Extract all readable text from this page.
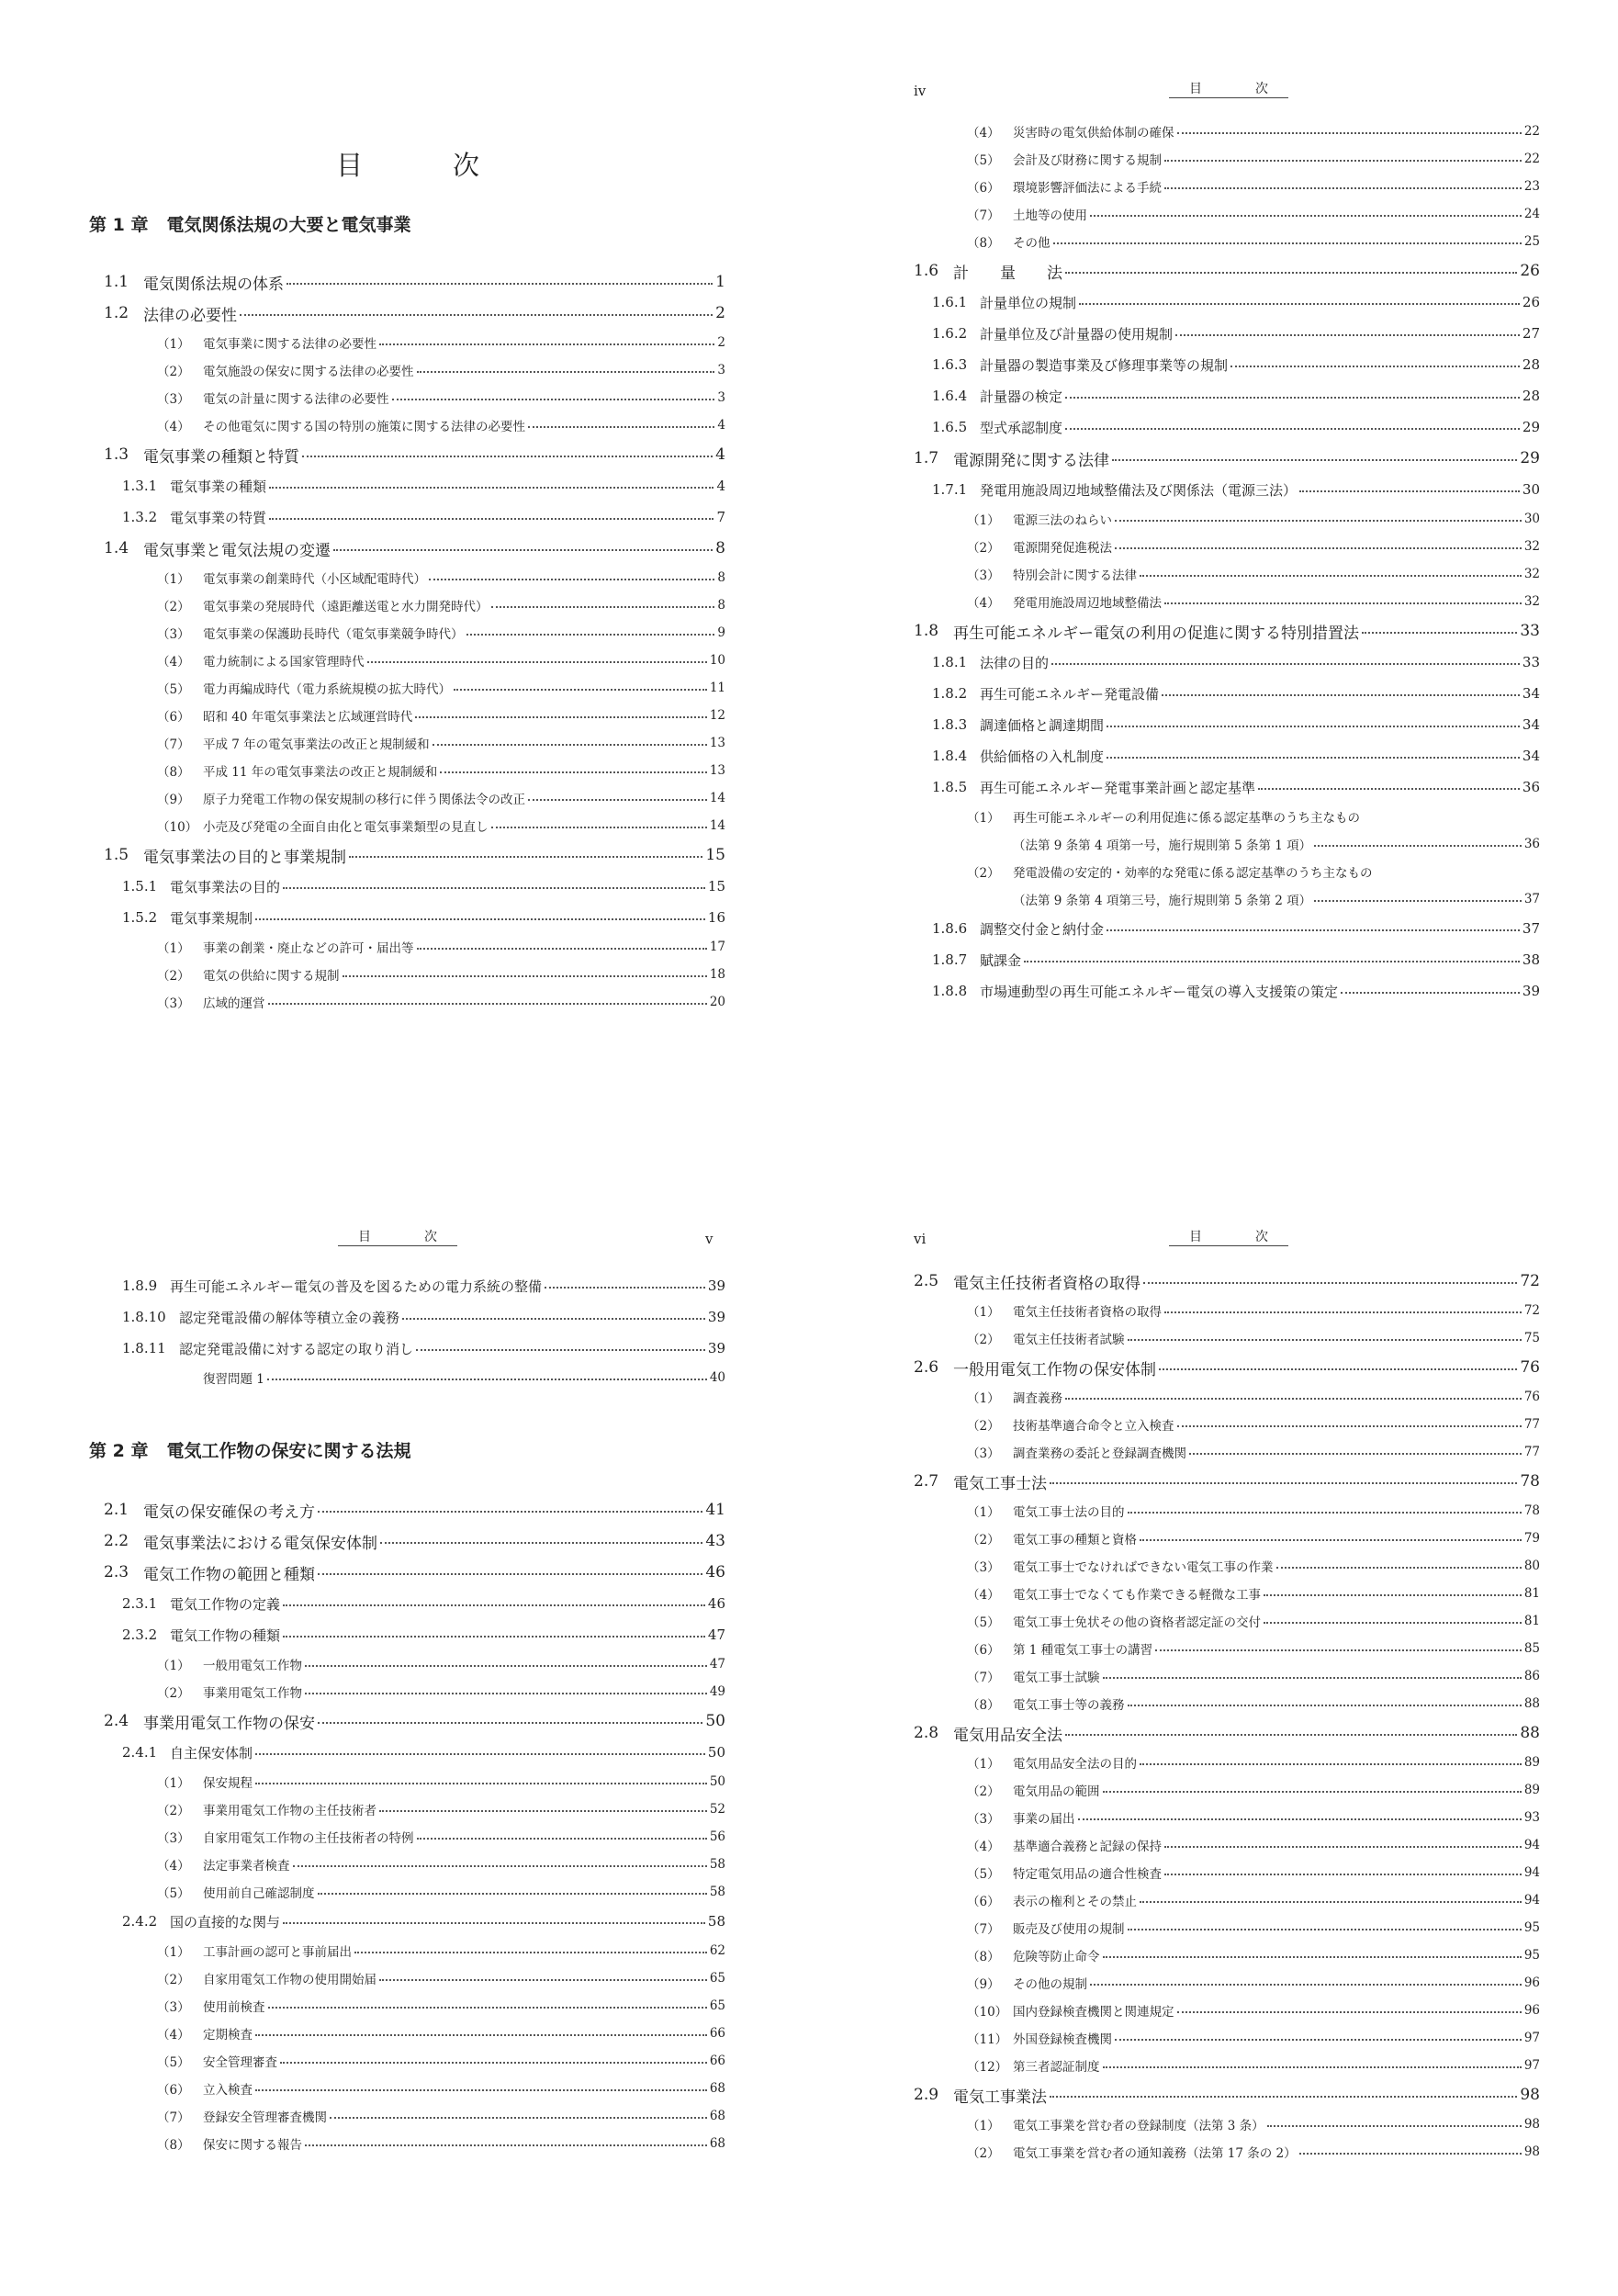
目	次
第 1 章 電気関係法規の大要と電気事業
1.1 電気関係法規の体系	1
1.2 法律の必要性	2
（1） 電気事業に関する法律の必要性	2
（2） 電気施設の保安に関する法律の必要性	3
（3） 電気の計量に関する法律の必要性	3
（4） その他電気に関する国の特別の施策に関する法律の必要性	4
1.3 電気事業の種類と特質	4
1.3.1 電気事業の種類	4
1.3.2 電気事業の特質	7
1.4 電気事業と電気法規の変遷	8
（1） 電気事業の創業時代（小区域配電時代）	8
（2） 電気事業の発展時代（遠距離送電と水力開発時代）	8
（3） 電気事業の保護助長時代（電気事業競争時代）	9
（4） 電力統制による国家管理時代	10
（5） 電力再編成時代（電力系統規模の拡大時代）	11
（6） 昭和 40 年電気事業法と広域運営時代	12
（7） 平成 7 年の電気事業法の改正と規制緩和	13
（8） 平成 11 年の電気事業法の改正と規制緩和	13
（9） 原子力発電工作物の保安規制の移行に伴う関係法令の改正	14
（10） 小売及び発電の全面自由化と電気事業類型の見直し	14
1.5 電気事業法の目的と事業規制	15
1.5.1 電気事業法の目的	15
1.5.2 電気事業規制	16
（1） 事業の創業・廃止などの許可・届出等	17
（2） 電気の供給に関する規制	18
（3） 広域的運営	20
iv	目	次
（4） 災害時の電気供給体制の確保	22
（5） 会計及び財務に関する規制	22
（6） 環境影響評価法による手続	23
（7） 土地等の使用	24
（8） その他	25
1.6 計　　量　　法	26
1.6.1 計量単位の規制	26
1.6.2 計量単位及び計量器の使用規制	27
1.6.3 計量器の製造事業及び修理事業等の規制	28
1.6.4 計量器の検定	28
1.6.5 型式承認制度	29
1.7 電源開発に関する法律	29
1.7.1 発電用施設周辺地域整備法及び関係法（電源三法）	30
（1） 電源三法のねらい	30
（2） 電源開発促進税法	32
（3） 特別会計に関する法律	32
（4） 発電用施設周辺地域整備法	32
1.8 再生可能エネルギー電気の利用の促進に関する特別措置法	33
1.8.1 法律の目的	33
1.8.2 再生可能エネルギー発電設備	34
1.8.3 調達価格と調達期間	34
1.8.4 供給価格の入札制度	34
1.8.5 再生可能エネルギー発電事業計画と認定基準	36
（1） 再生可能エネルギーの利用促進に係る認定基準のうち主なもの
（法第 9 条第 4 項第一号，施行規則第 5 条第 1 項）	36
（2） 発電設備の安定的・効率的な発電に係る認定基準のうち主なもの
（法第 9 条第 4 項第三号，施行規則第 5 条第 2 項）	37
1.8.6 調整交付金と納付金	37
1.8.7 賦課金	38
1.8.8 市場連動型の再生可能エネルギー電気の導入支援策の策定	39
目	次	v
1.8.9 再生可能エネルギー電気の普及を図るための電力系統の整備	39
1.8.10 認定発電設備の解体等積立金の義務	39
1.8.11 認定発電設備に対する認定の取り消し	39
復習問題 1	40
第 2 章 電気工作物の保安に関する法規
2.1 電気の保安確保の考え方	41
2.2 電気事業法における電気保安体制	43
2.3 電気工作物の範囲と種類	46
2.3.1 電気工作物の定義	46
2.3.2 電気工作物の種類	47
（1） 一般用電気工作物	47
（2） 事業用電気工作物	49
2.4 事業用電気工作物の保安	50
2.4.1 自主保安体制	50
（1） 保安規程	50
（2） 事業用電気工作物の主任技術者	52
（3） 自家用電気工作物の主任技術者の特例	56
（4） 法定事業者検査	58
（5） 使用前自己確認制度	58
2.4.2 国の直接的な関与	58
（1） 工事計画の認可と事前届出	62
（2） 自家用電気工作物の使用開始届	65
（3） 使用前検査	65
（4） 定期検査	66
（5） 安全管理審査	66
（6） 立入検査	68
（7） 登録安全管理審査機関	68
（8） 保安に関する報告	68
vi	目	次
2.5 電気主任技術者資格の取得	72
（1） 電気主任技術者資格の取得	72
（2） 電気主任技術者試験	75
2.6 一般用電気工作物の保安体制	76
（1） 調査義務	76
（2） 技術基準適合命令と立入検査	77
（3） 調査業務の委託と登録調査機関	77
2.7 電気工事士法	78
（1） 電気工事士法の目的	78
（2） 電気工事の種類と資格	79
（3） 電気工事士でなければできない電気工事の作業	80
（4） 電気工事士でなくても作業できる軽微な工事	81
（5） 電気工事士免状その他の資格者認定証の交付	81
（6） 第 1 種電気工事士の講習	85
（7） 電気工事士試験	86
（8） 電気工事士等の義務	88
2.8 電気用品安全法	88
（1） 電気用品安全法の目的	89
（2） 電気用品の範囲	89
（3） 事業の届出	93
（4） 基準適合義務と記録の保持	94
（5） 特定電気用品の適合性検査	94
（6） 表示の権利とその禁止	94
（7） 販売及び使用の規制	95
（8） 危険等防止命令	95
（9） その他の規制	96
（10） 国内登録検査機関と関連規定	96
（11） 外国登録検査機関	97
（12） 第三者認証制度	97
2.9 電気工事業法	98
（1） 電気工事業を営む者の登録制度（法第 3 条）	98
（2） 電気工事業を営む者の通知義務（法第 17 条の 2）	98
